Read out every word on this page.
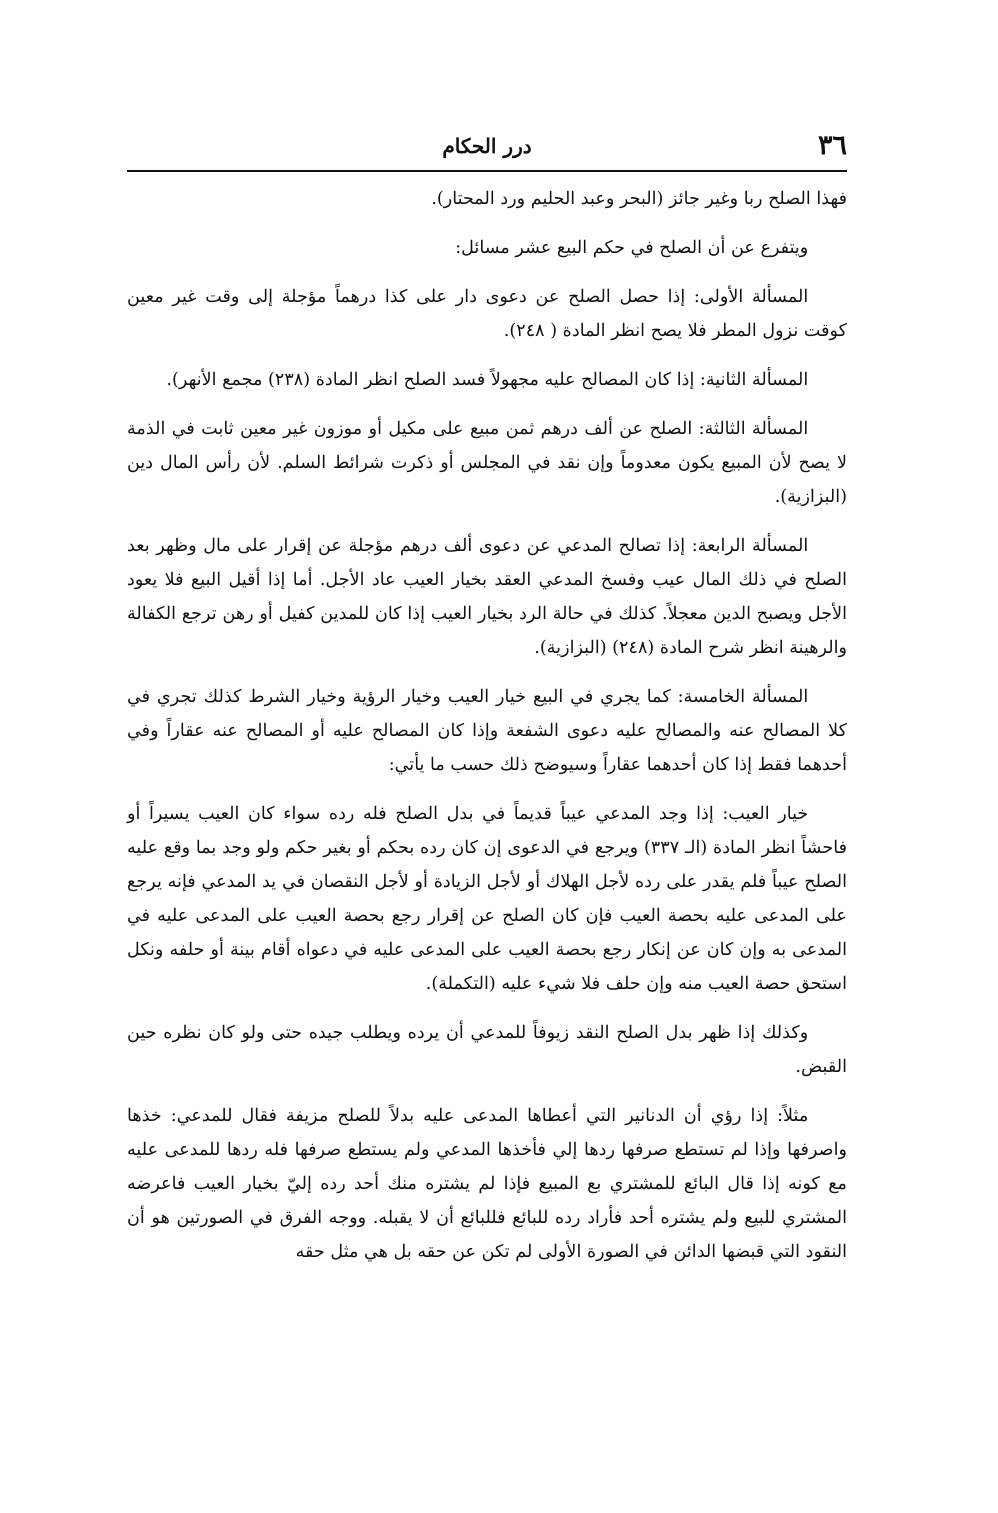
٣٦
درر الحكام

فهذا الصلح ربا وغير جائز (البحر وعبد الحليم ورد المحتار).

ويتفرع عن أن الصلح في حكم البيع عشر مسائل:

المسألة الأولى: إذا حصل الصلح عن دعوى دار على كذا درهماً مؤجلة إلى وقت غير معين كوقت نزول المطر فلا يصح انظر المادة ( ٢٤٨).

المسألة الثانية: إذا كان المصالح عليه مجهولاً فسد الصلح انظر المادة (٢٣٨) مجمع الأنهر).

المسألة الثالثة: الصلح عن ألف درهم ثمن مبيع على مكيل أو موزون غير معين ثابت في الذمة لا يصح لأن المبيع يكون معدوماً وإن نقد في المجلس أو ذكرت شرائط السلم. لأن رأس المال دين (البزازية).

المسألة الرابعة: إذا تصالح المدعي عن دعوى ألف درهم مؤجلة عن إقرار على مال وظهر بعد الصلح في ذلك المال عيب وفسخ المدعي العقد بخيار العيب عاد الأجل. أما إذا أقيل البيع فلا يعود الأجل ويصبح الدين معجلاً. كذلك في حالة الرد بخيار العيب إذا كان للمدين كفيل أو رهن ترجع الكفالة والرهينة انظر شرح المادة (٢٤٨) (البزازية).

المسألة الخامسة: كما يجري في البيع خيار العيب وخيار الرؤية وخيار الشرط كذلك تجري في كلا المصالح عنه والمصالح عليه دعوى الشفعة وإذا كان المصالح عليه أو المصالح عنه عقاراً وفي أحدهما فقط إذا كان أحدهما عقاراً وسيوضح ذلك حسب ما يأتي:

خيار العيب: إذا وجد المدعي عيباً قديماً في بدل الصلح فله رده سواء كان العيب يسيراً أو فاحشاً انظر المادة (الـ ٣٣٧) ويرجع في الدعوى إن كان رده بحكم أو بغير حكم ولو وجد بما وقع عليه الصلح عيباً فلم يقدر على رده لأجل الهلاك أو لأجل الزيادة أو لأجل النقصان في يد المدعي فإنه يرجع على المدعى عليه بحصة العيب فإن كان الصلح عن إقرار رجع بحصة العيب على المدعى عليه في المدعى به وإن كان عن إنكار رجع بحصة العيب على المدعى عليه في دعواه أقام بينة أو حلفه ونكل استحق حصة العيب منه وإن حلف فلا شيء عليه (التكملة).

وكذلك إذا ظهر بدل الصلح النقد زيوفاً للمدعي أن يرده ويطلب جيده حتى ولو كان نظره حين القبض.

مثلاً: إذا رؤي أن الدنانير التي أعطاها المدعى عليه بدلاً للصلح مزيفة فقال للمدعي: خذها واصرفها وإذا لم تستطع صرفها ردها إلي فأخذها المدعي ولم يستطع صرفها فله ردها للمدعى عليه مع كونه إذا قال البائع للمشتري بع المبيع فإذا لم يشتره منك أحد رده إليّ بخيار العيب فاعرضه المشتري للبيع ولم يشتره أحد فأراد رده للبائع فللبائع أن لا يقبله. ووجه الفرق في الصورتين هو أن النقود التي قبضها الدائن في الصورة الأولى لم تكن عن حقه بل هي مثل حقه
